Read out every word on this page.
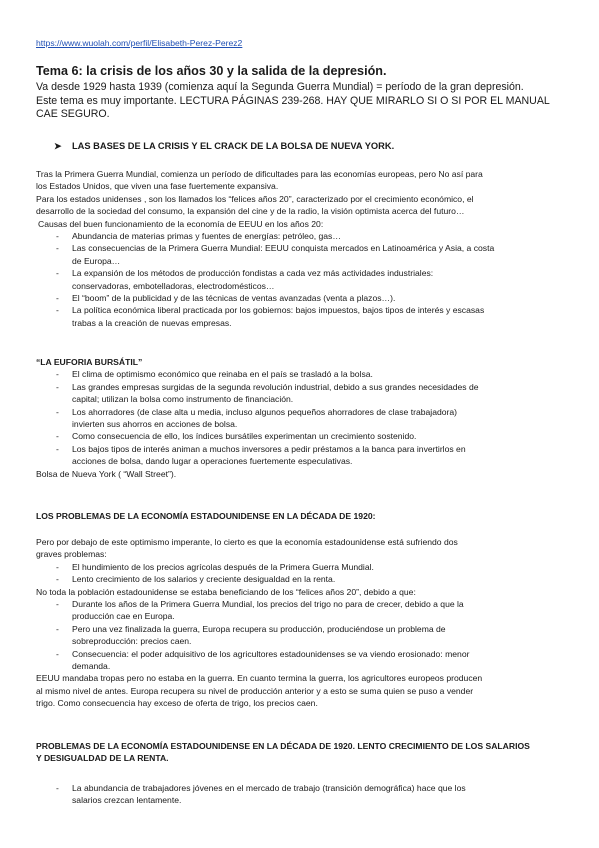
https://www.wuolah.com/perfil/Elisabeth-Perez-Perez2
Tema 6: la crisis de los años 30 y la salida de la depresión.

Va desde 1929 hasta 1939 (comienza aquí la Segunda Guerra Mundial) = período de la gran depresión.

Este tema es muy importante. LECTURA PÁGINAS 239-268. HAY QUE MIRARLO SI O SI POR EL MANUAL

CAE SEGURO.

➤ LAS BASES DE LA CRISIS Y EL CRACK DE LA BOLSA DE NUEVA YORK.

Tras la Primera Guerra Mundial, comienza un período de dificultades para las economías europeas, pero No así para

los Estados Unidos, que viven una fase fuertemente expansiva.

Para los estados unidenses , son los llamados los “felices años 20”, caracterizado por el crecimiento económico, el

desarrollo de la sociedad del consumo, la expansión del cine y de la radio, la visión optimista acerca del futuro…

Causas del buen funcionamiento de la economía de EEUU en los años 20:

- Abundancia de materias primas y fuentes de energías: petróleo, gas…
- Las consecuencias de la Primera Guerra Mundial: EEUU conquista mercados en Latinoamérica y Asia, a costa
de Europa…
- La expansión de los métodos de producción fondistas a cada vez más actividades industriales:
conservadoras, embotelladoras, electrodomésticos…
- El “boom” de la publicidad y de las técnicas de ventas avanzadas (venta a plazos…).
- La política económica liberal practicada por los gobiernos: bajos impuestos, bajos tipos de interés y escasas
trabas a la creación de nuevas empresas.

“LA EUFORIA BURSÁTIL”

- El clima de optimismo económico que reinaba en el país se trasladó a la bolsa.
- Las grandes empresas surgidas de la segunda revolución industrial, debido a sus grandes necesidades de
capital; utilizan la bolsa como instrumento de financiación.
- Los ahorradores (de clase alta u media, incluso algunos pequeños ahorradores de clase trabajadora)
invierten sus ahorros en acciones de bolsa.
- Como consecuencia de ello, los índices bursátiles experimentan un crecimiento sostenido.
- Los bajos tipos de interés animan a muchos inversores a pedir préstamos a la banca para invertirlos en
acciones de bolsa, dando lugar a operaciones fuertemente especulativas.

Bolsa de Nueva York ( “Wall Street”).

LOS PROBLEMAS DE LA ECONOMÍA ESTADOUNIDENSE EN LA DÉCADA DE 1920:

Pero por debajo de este optimismo imperante, lo cierto es que la economía estadounidense está sufriendo dos

graves problemas:

- El hundimiento de los precios agrícolas después de la Primera Guerra Mundial.
- Lento crecimiento de los salarios y creciente desigualdad en la renta.

No toda la población estadounidense se estaba beneficiando de los “felices años 20”, debido a que:

- Durante los años de la Primera Guerra Mundial, los precios del trigo no para de crecer, debido a que la
producción cae en Europa.
- Pero una vez finalizada la guerra, Europa recupera su producción, produciéndose un problema de
sobreproducción: precios caen.
- Consecuencia: el poder adquisitivo de los agricultores estadounidenses se va viendo erosionado: menor
demanda.

EEUU mandaba tropas pero no estaba en la guerra. En cuanto termina la guerra, los agricultores europeos producen

al mismo nivel de antes. Europa recupera su nivel de producción anterior y a esto se suma quien se puso a vender

trigo. Como consecuencia hay exceso de oferta de trigo, los precios caen.

PROBLEMAS DE LA ECONOMÍA ESTADOUNIDENSE EN LA DÉCADA DE 1920. LENTO CRECIMIENTO DE LOS SALARIOS

Y DESIGUALDAD DE LA RENTA.

- La abundancia de trabajadores jóvenes en el mercado de trabajo (transición demográfica) hace que los
salarios crezcan lentamente.
